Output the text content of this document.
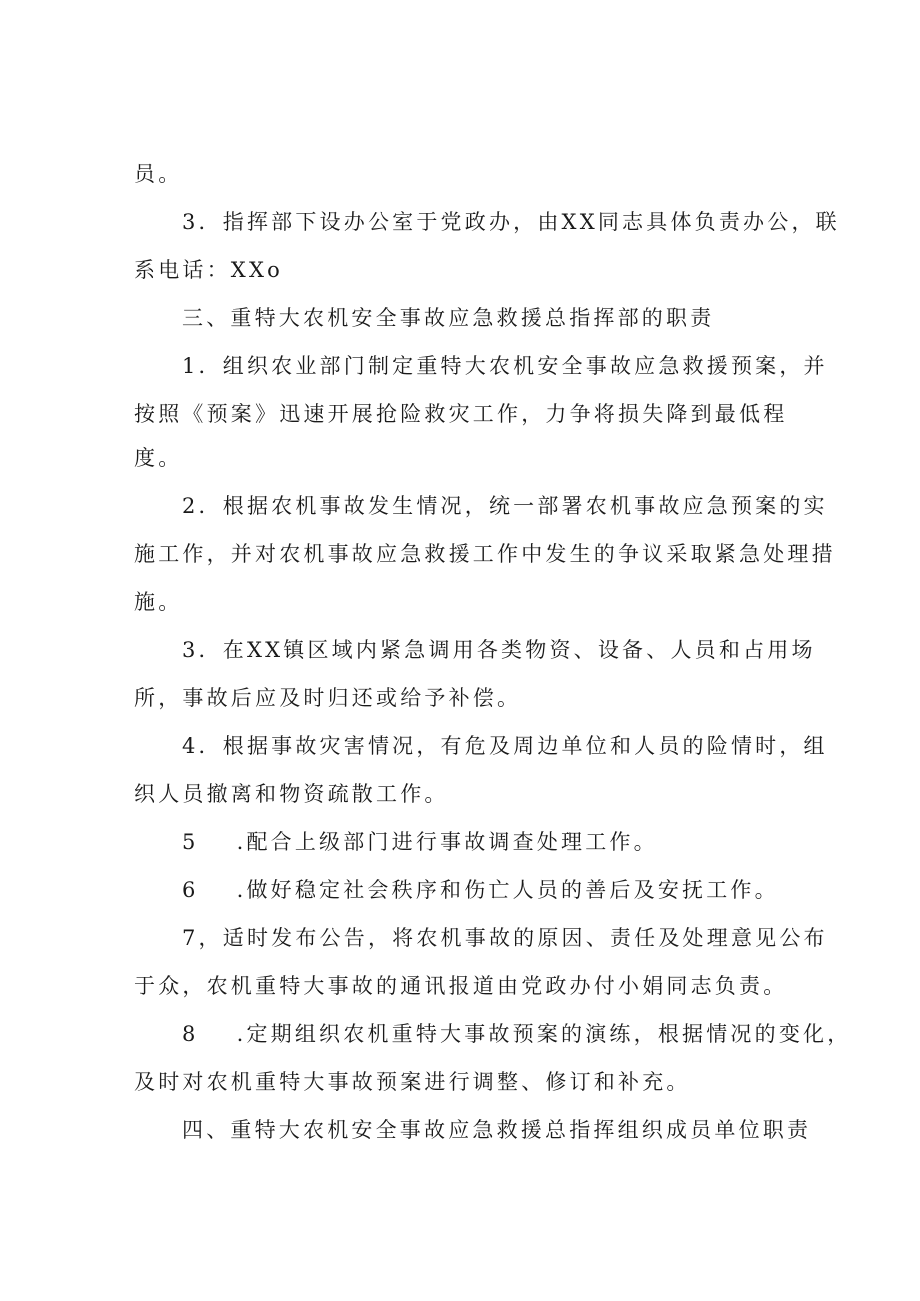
员。
3．指挥部下设办公室于党政办，由XX同志具体负责办公，联
系电话：XXo
三、重特大农机安全事故应急救援总指挥部的职责
1．组织农业部门制定重特大农机安全事故应急救援预案，并
按照《预案》迅速开展抢险救灾工作，力争将损失降到最低程
度。
2．根据农机事故发生情况，统一部署农机事故应急预案的实
施工作，并对农机事故应急救援工作中发生的争议采取紧急处理措
施。
3．在XX镇区域内紧急调用各类物资、设备、人员和占用场
所，事故后应及时归还或给予补偿。
4．根据事故灾害情况，有危及周边单位和人员的险情时，组
织人员撤离和物资疏散工作。
5 .配合上级部门进行事故调查处理工作。
6 .做好稳定社会秩序和伤亡人员的善后及安抚工作。
7，适时发布公告，将农机事故的原因、责任及处理意见公布
于众，农机重特大事故的通讯报道由党政办付小娟同志负责。
8 .定期组织农机重特大事故预案的演练，根据情况的变化，
及时对农机重特大事故预案进行调整、修订和补充。
四、重特大农机安全事故应急救援总指挥组织成员单位职责
